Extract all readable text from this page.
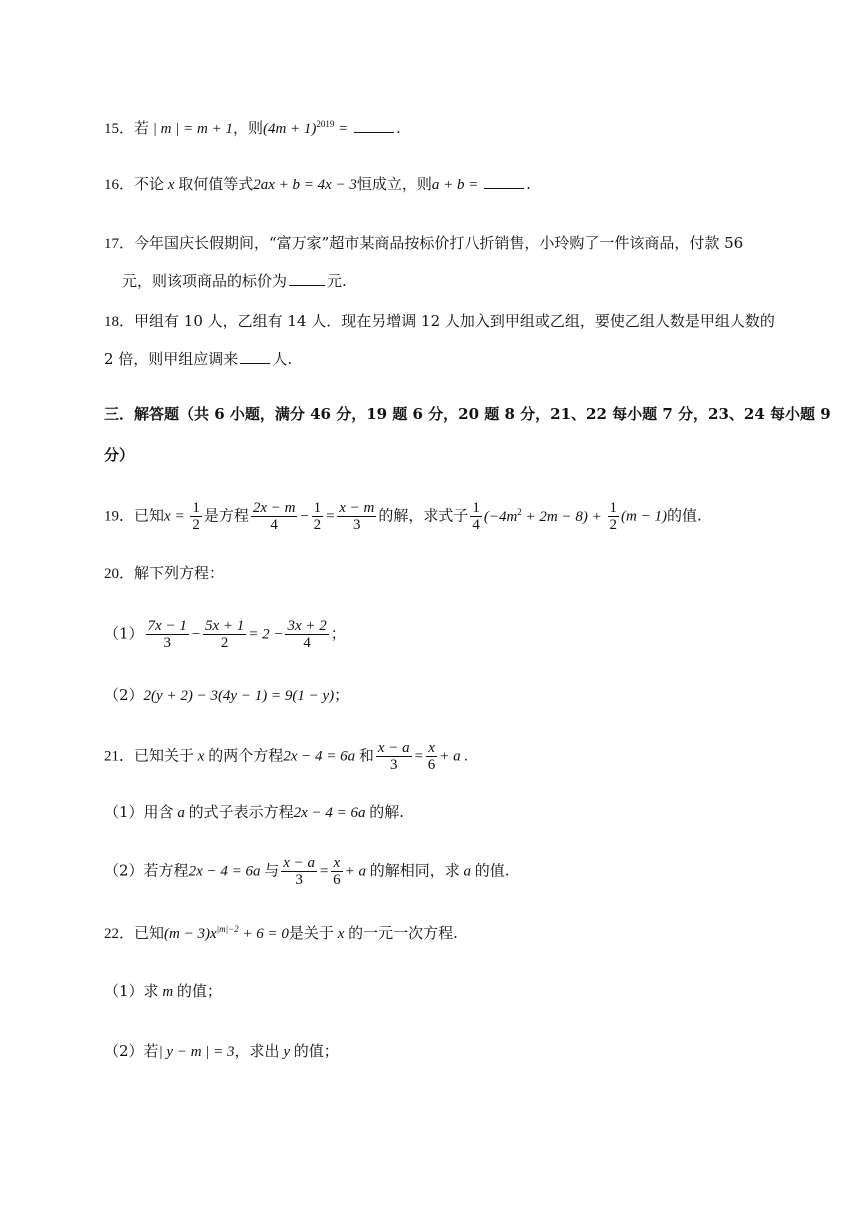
15．若 | m | = m + 1，则$(4m + 1)^{2019}$ =	.
16．不论 x 取何值等式2ax + b = 4x − 3恒成立，则a + b =	.
17．今年国庆长假期间，“富万家”超市某商品按标价打八折销售，小玲购了一件该商品，付款 56
元，则该项商品的标价为	元.
18．甲组有 10 人，乙组有 14 人．现在另增调 12 人加入到甲组或乙组，要使乙组人数是甲组人数的
2 倍，则甲组应调来 人.
三．解答题（共 6 小题，满分 46 分，19 题 6 分，20 题 8 分，21、22 每小题 7 分，23、24 每小题 9
分）
19．已知$x = \frac{1}{2}$ 是方程 $\frac{2x - m}{4} - \frac{1}{2} = \frac{x - m}{3}$ 的解，求式子 $\frac{1}{4} (-4m^2 + 2m - 8) + \frac{1}{2} (m - 1)$的值.
20．解下列方程：
$(1) \frac{7x - 1}{3} - \frac{5x + 1}{2} = 2 - \frac{3x + 2}{4}$ ；
（2）2(y + 2) − 3(4y − 1) = 9(1 − y)；
21．已知关于 x 的两个方程2x − 4 = 6a 和 $\frac{x - a}{3} = \frac{x}{6} + a$ .
（1）用含 a 的式子表示方程2x − 4 = 6a 的解.
（2）若方程2x − 4 = 6a 与 $\frac{x - a}{3} = \frac{x}{6} + a$ 的解相同，求 a 的值.
22．已知$(m - 3)x^{|m|-2} + 6 = 0$是关于 x 的一元一次方程.
（1）求 m 的值；
（2）若| y − m | = 3，求出 y 的值；
